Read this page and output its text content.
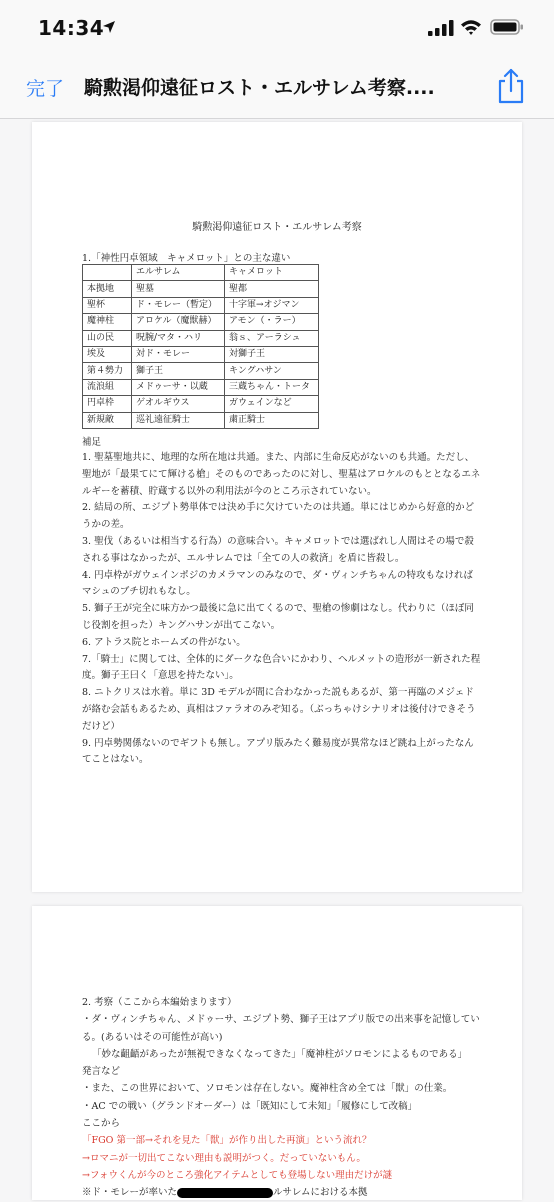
14:34
完了 騎勲渇仰遠征ロスト・エルサレム考察....
騎勲渇仰遠征ロスト・エルサレム考察
1.「神性円卓領域　キャメロット」との主な違い
	エルサレム	キャメロット
本拠地	聖墓	聖都
聖杯	ド・モレー（暫定）	十字軍→オジマン
魔神柱	アロケル（魔獣赫）	アモン（・ラー）
山の民	呪腕/マタ・ハリ	翁ｓ、アーラシュ
埃及	対ド・モレー	対獅子王
第４勢力	獅子王	キングハサン
流浪組	メドゥーサ・以蔵	三蔵ちゃん・トータ
円卓枠	ゲオルギウス	ガウェインなど
新規敵	巡礼遠征騎士	粛正騎士
補足

1. 聖墓聖地共に、地理的な所在地は共通。また、内部に生命反応がないのも共通。ただし、聖地が「最果てにて輝ける槍」そのものであったのに対し、聖墓はアロケルのもととなるエネルギーを蓄積、貯蔵する以外の利用法が今のところ示されていない。

2. 結局の所、エジプト勢単体では決め手に欠けていたのは共通。単にはじめから好意的かどうかの差。

3. 聖伐（あるいは相当する行為）の意味合い。キャメロットでは選ばれし人間はその場で殺される事はなかったが、エルサレムでは「全ての人の救済」を盾に皆殺し。

4. 円卓枠がガウェインポジのカメラマンのみなので、ダ・ヴィンチちゃんの特攻もなければマシュのブチ切れもなし。

5. 獅子王が完全に味方かつ最後に急に出てくるので、聖槍の惨劇はなし。代わりに（ほぼ同じ役割を担った）キングハサンが出てこない。

6. アトラス院とホームズの件がない。

7.「騎士」に関しては、全体的にダークな色合いにかわり、ヘルメットの造形が一新された程度。獅子王曰く「意思を持たない」。

8. ニトクリスは水着。単に 3D モデルが間に合わなかった説もあるが、第一再臨のメジェドが絡む会話もあるため、真相はファラオのみぞ知る。（ぶっちゃけシナリオは後付けできそうだけど）

9. 円卓勢関係ないのでギフトも無し。アプリ版みたく難易度が異常なほど跳ね上がったなんてことはない。

2. 考察（ここから本編始まります）

・ダ・ヴィンチちゃん、メドゥーサ、エジプト勢、獅子王はアプリ版での出来事を記憶している。(あるいはその可能性が高い)

「妙な齟齬があったが無視できなくなってきた」「魔神柱がソロモンによるものである」

発言など

・また、この世界において、ソロモンは存在しない。魔神柱含め全ては「獣」の仕業。

・AC での戦い（グランドオーダー）は「既知にして未知」「履修にして改稿」

ここから

「FGO 第一部→それを見た「獣」が作り出した再演」という流れ？

→ロマニが一切出てこない理由も説明がつく。だっていないもん。

→フォウくんが今のところ強化アイテムとしても登場しない理由だけが謎

※ド・モレーが率いた	ルサレムにおける本拠
